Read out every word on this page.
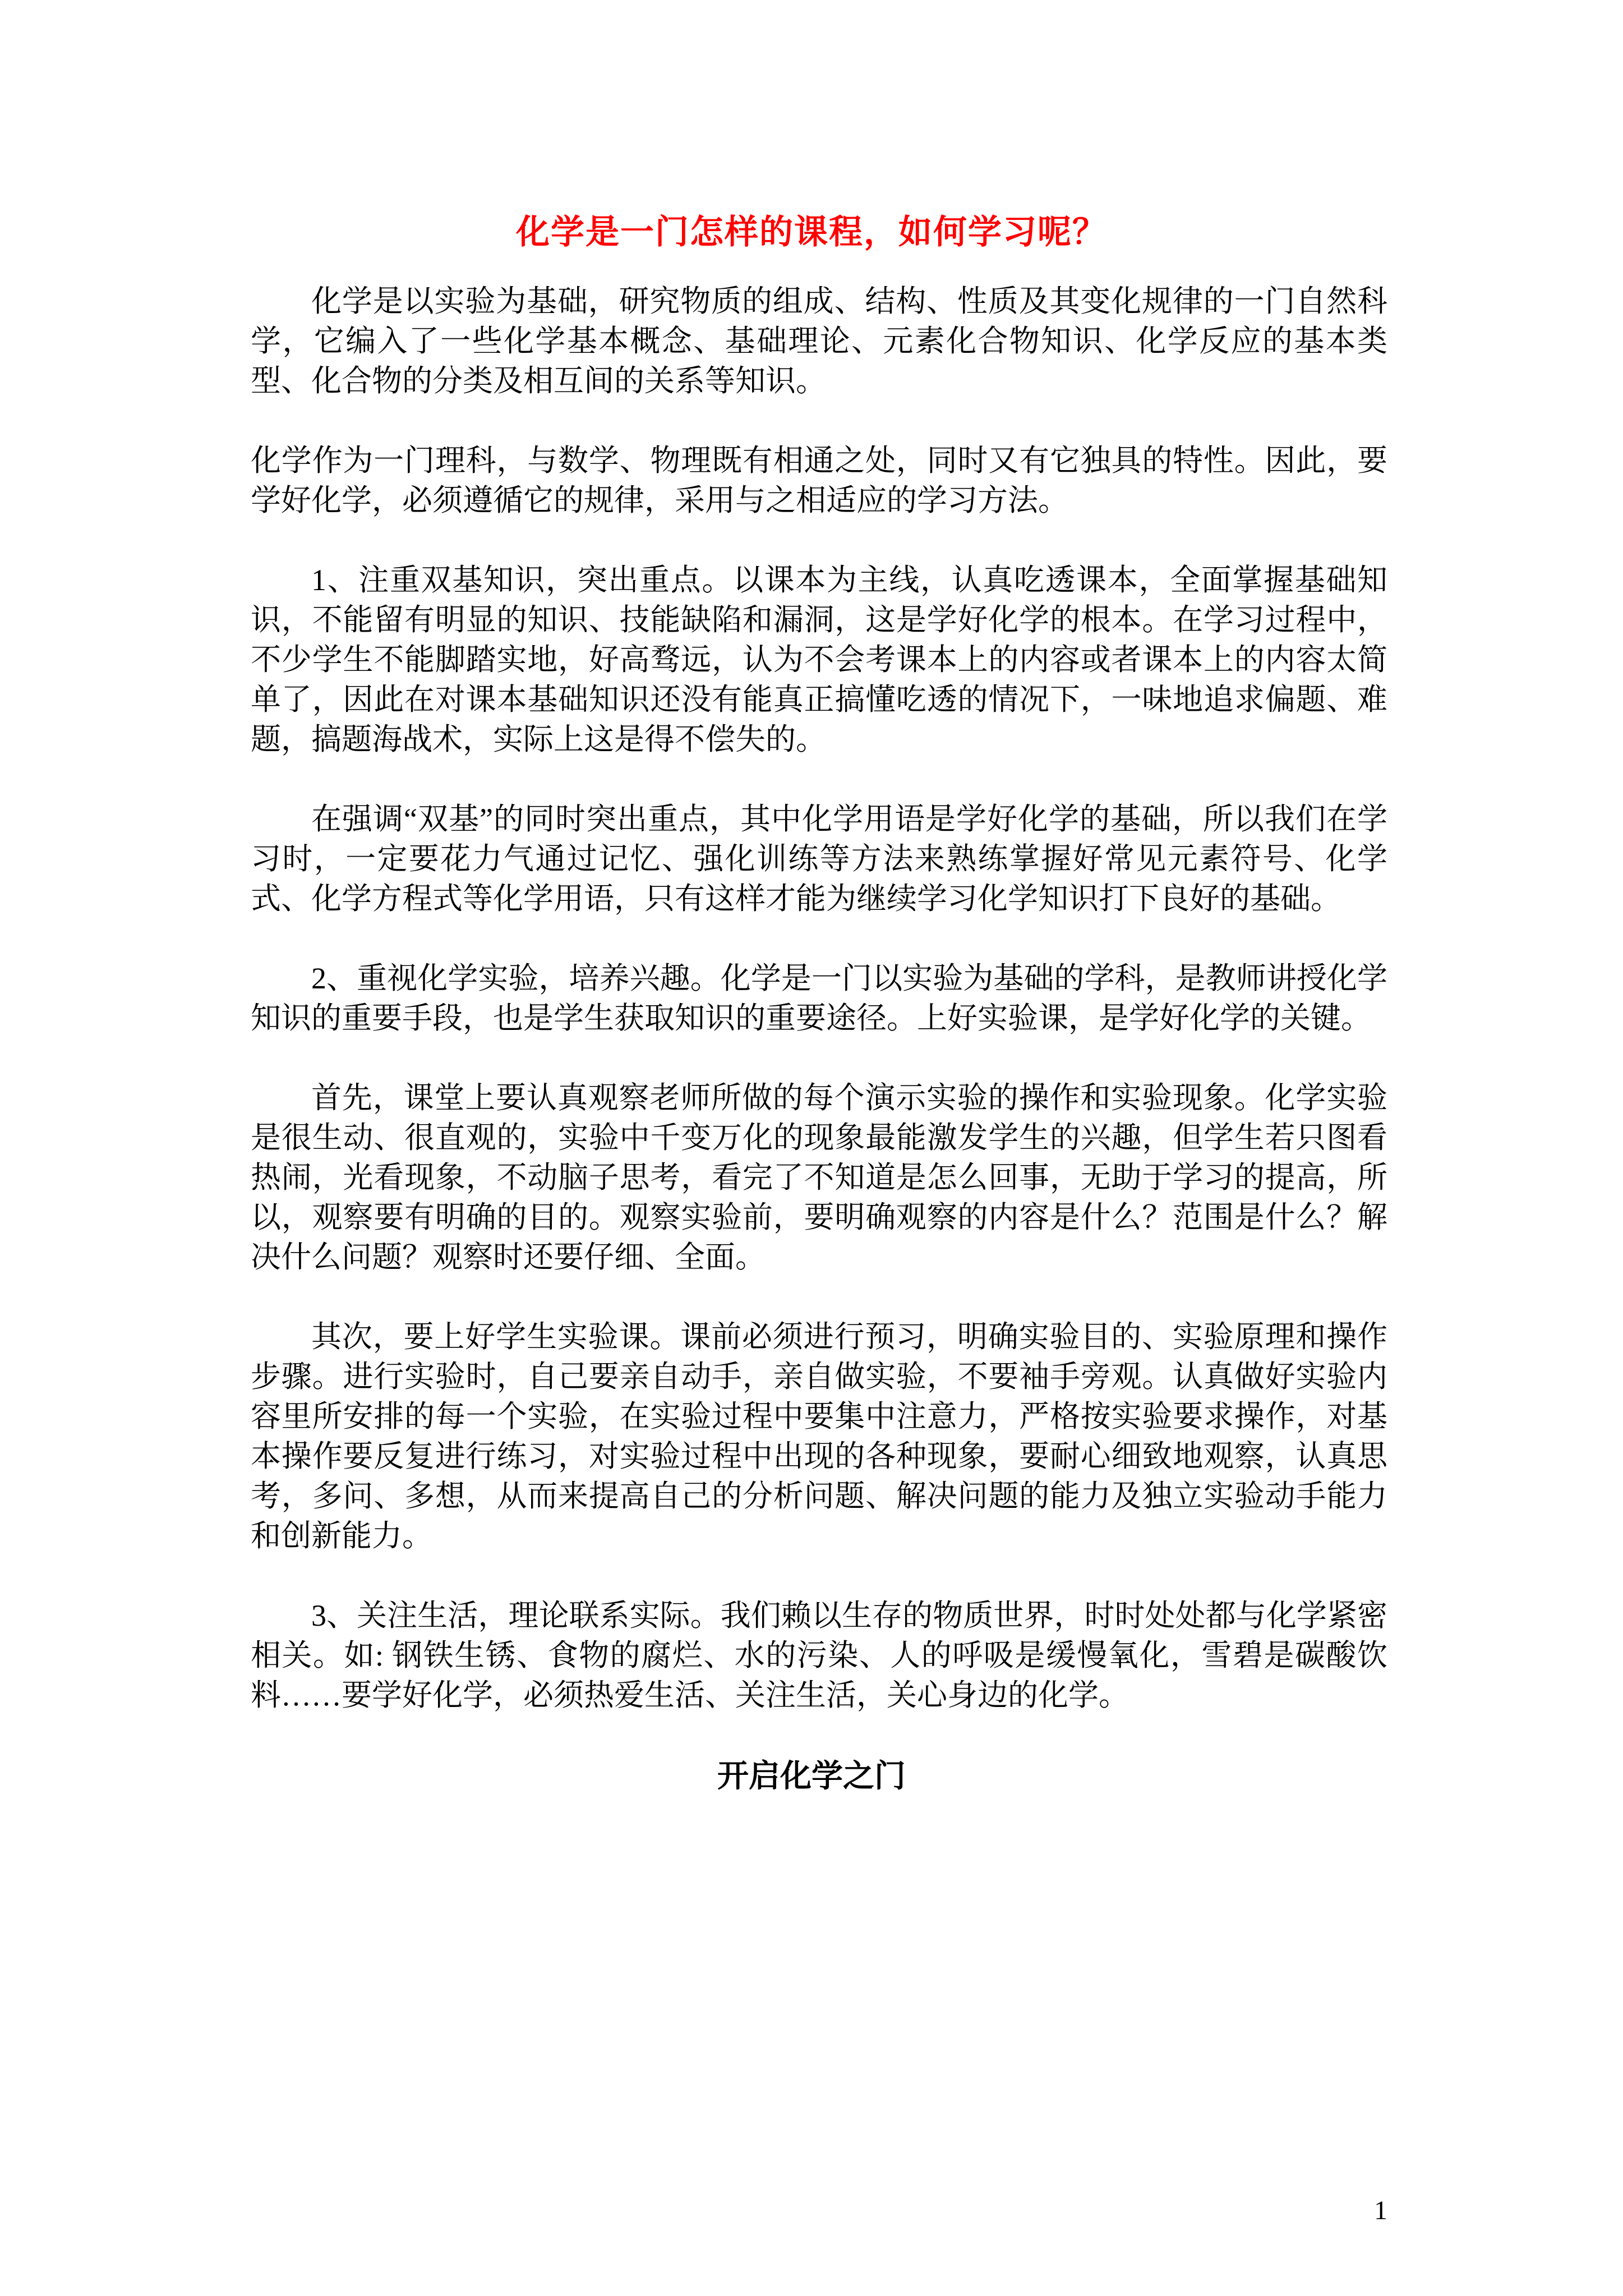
化学是一门怎样的课程，如何学习呢？

化学是以实验为基础，研究物质的组成、结构、性质及其变化规律的一门自然科学，它编入了一些化学基本概念、基础理论、元素化合物知识、化学反应的基本类型、化合物的分类及相互间的关系等知识。

化学作为一门理科，与数学、物理既有相通之处，同时又有它独具的特性。因此，要学好化学，必须遵循它的规律，采用与之相适应的学习方法。

1、注重双基知识，突出重点。以课本为主线，认真吃透课本，全面掌握基础知识，不能留有明显的知识、技能缺陷和漏洞，这是学好化学的根本。在学习过程中，不少学生不能脚踏实地，好高骛远，认为不会考课本上的内容或者课本上的内容太简单了，因此在对课本基础知识还没有能真正搞懂吃透的情况下，一味地追求偏题、难题，搞题海战术，实际上这是得不偿失的。

在强调“双基”的同时突出重点，其中化学用语是学好化学的基础，所以我们在学习时，一定要花力气通过记忆、强化训练等方法来熟练掌握好常见元素符号、化学式、化学方程式等化学用语，只有这样才能为继续学习化学知识打下良好的基础。

2、重视化学实验，培养兴趣。化学是一门以实验为基础的学科，是教师讲授化学知识的重要手段，也是学生获取知识的重要途径。上好实验课，是学好化学的关键。

首先，课堂上要认真观察老师所做的每个演示实验的操作和实验现象。化学实验是很生动、很直观的，实验中千变万化的现象最能激发学生的兴趣，但学生若只图看热闹，光看现象，不动脑子思考，看完了不知道是怎么回事，无助于学习的提高，所以，观察要有明确的目的。观察实验前，要明确观察的内容是什么？范围是什么？解决什么问题？观察时还要仔细、全面。

其次，要上好学生实验课。课前必须进行预习，明确实验目的、实验原理和操作步骤。进行实验时，自己要亲自动手，亲自做实验，不要袖手旁观。认真做好实验内容里所安排的每一个实验，在实验过程中要集中注意力，严格按实验要求操作，对基本操作要反复进行练习，对实验过程中出现的各种现象，要耐心细致地观察，认真思考，多问、多想，从而来提高自己的分析问题、解决问题的能力及独立实验动手能力和创新能力。

3、关注生活，理论联系实际。我们赖以生存的物质世界，时时处处都与化学紧密相关。如: 钢铁生锈、食物的腐烂、水的污染、人的呼吸是缓慢氧化，雪碧是碳酸饮料……要学好化学，必须热爱生活、关注生活，关心身边的化学。

开启化学之门
1
